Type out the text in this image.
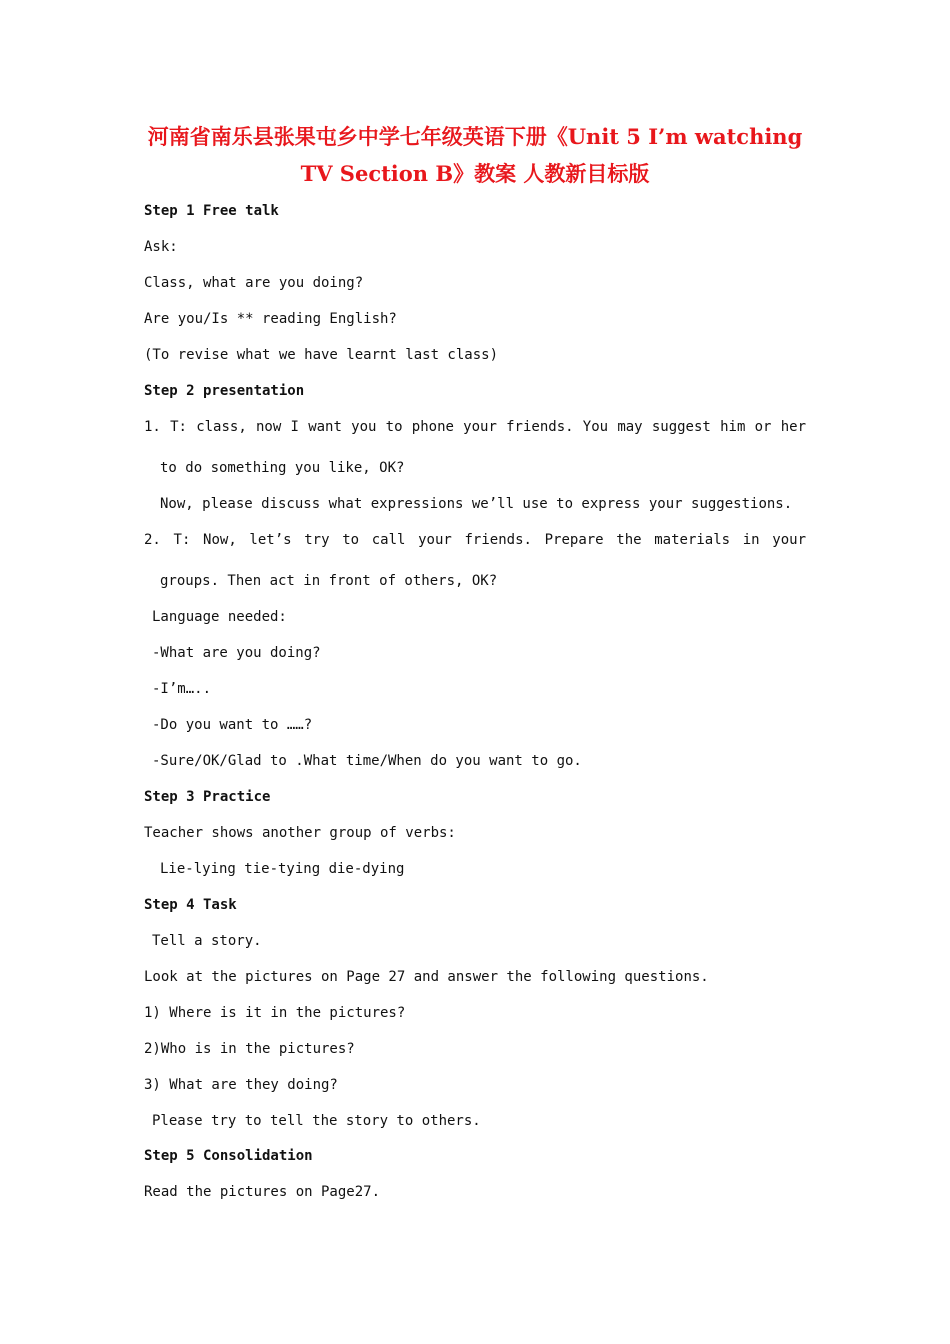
河南省南乐县张果屯乡中学七年级英语下册《Unit 5 I’m watching
TV Section B》教案 人教新目标版
Step 1 Free talk
Ask:
Class, what are you doing?
Are you/Is ** reading English?
(To revise what we have learnt last class)
Step 2 presentation
1. T: class, now I want you to phone your friends. You may suggest him or her
to do something you like, OK?
Now, please discuss what expressions we’ll use to express your suggestions.
2. T: Now, let’s try to call your friends. Prepare the materials in your
groups. Then act in front of others, OK?
Language needed:
-What are you doing?
-I’m…..
-Do you want to ……?
-Sure/OK/Glad to .What time/When do you want to go.
Step 3 Practice
Teacher shows another group of verbs:
Lie-lying tie-tying die-dying
Step 4 Task
Tell a story.
Look at the pictures on Page 27 and answer the following questions.
1) Where is it in the pictures?
2)Who is in the pictures?
3) What are they doing?
Please try to tell the story to others.
Step 5 Consolidation
Read the pictures on Page27.
